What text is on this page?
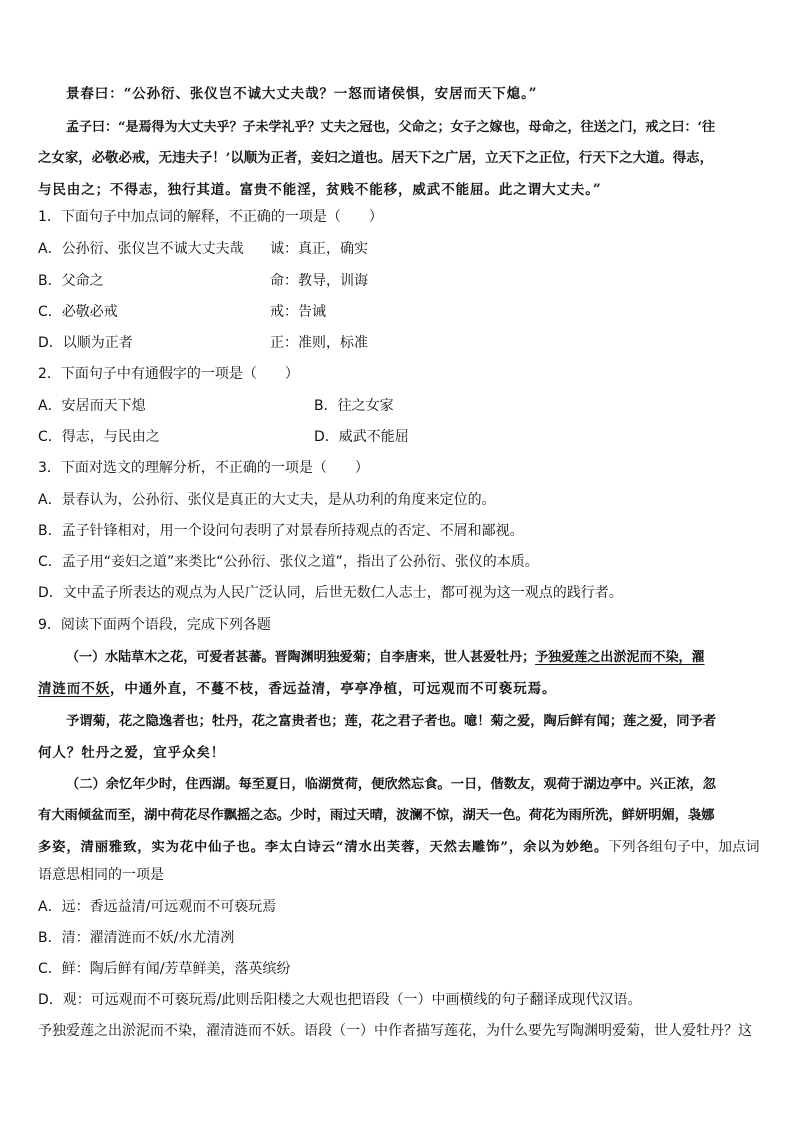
景春曰：“公孙衍、张仪岂不诚大丈夫哉？一怒而诸侯惧，安居而天下熄。”
孟子曰：“是焉得为大丈夫乎？子未学礼乎？丈夫之冠也，父命之；女子之嫁也，母命之，往送之门，戒之曰：‘往
之女家，必敬必戒，无违夫子！’以顺为正者，妾妇之道也。居天下之广居，立天下之正位，行天下之大道。得志，
与民由之；不得志，独行其道。富贵不能淫，贫贱不能移，威武不能屈。此之谓大丈夫。”
1．下面句子中加点词的解释，不正确的一项是（　　）
A．公孙衍、张仪岂不诚大丈夫哉 诚：真正，确实
B．父命之	命：教导，训诲
C．必敬必戒	戒：告诫
D．以顺为正者	正：准则，标准
2．下面句子中有通假字的一项是（　　）
A．安居而天下熄	B．往之女家
C．得志，与民由之	D．威武不能屈
3．下面对选文的理解分析，不正确的一项是（　　）
A．景春认为，公孙衍、张仪是真正的大丈夫，是从功利的角度来定位的。
B．孟子针锋相对，用一个设问句表明了对景春所持观点的否定、不屑和鄙视。
C．孟子用“妾妇之道”来类比“公孙衍、张仪之道”，指出了公孙衍、张仪的本质。
D．文中孟子所表达的观点为人民广泛认同，后世无数仁人志士，都可视为这一观点的践行者。
9．阅读下面两个语段，完成下列各题
（一）水陆草木之花，可爱者甚蕃。晋陶渊明独爱菊；自李唐来，世人甚爱牡丹；予独爱莲之出淤泥而不染，濯
清涟而不妖，中通外直，不蔓不枝，香远益清，亭亭净植，可远观而不可亵玩焉。
予谓菊，花之隐逸者也；牡丹，花之富贵者也；莲，花之君子者也。噫！菊之爱，陶后鲜有闻；莲之爱，同予者
何人？牡丹之爱，宜乎众矣！
（二）余忆年少时，住西湖。每至夏日，临湖赏荷，便欣然忘食。一日，偕数友，观荷于湖边亭中。兴正浓，忽
有大雨倾盆而至，湖中荷花尽作飘摇之态。少时，雨过天晴，波澜不惊，湖天一色。荷花为雨所洗，鲜妍明媚，袅娜
多姿，清丽雅致，实为花中仙子也。李太白诗云“清水出芙蓉，天然去雕饰”，余以为妙绝。下列各组句子中，加点词
语意思相同的一项是
A．远：香远益清/可远观而不可亵玩焉
B．清：濯清涟而不妖/水尤清冽
C．鲜：陶后鲜有闻/芳草鲜美，落英缤纷
D．观：可远观而不可亵玩焉/此则岳阳楼之大观也把语段（一）中画横线的句子翻译成现代汉语。
予独爱莲之出淤泥而不染，濯清涟而不妖。语段（一）中作者描写莲花，为什么要先写陶渊明爱菊，世人爱牡丹？这
